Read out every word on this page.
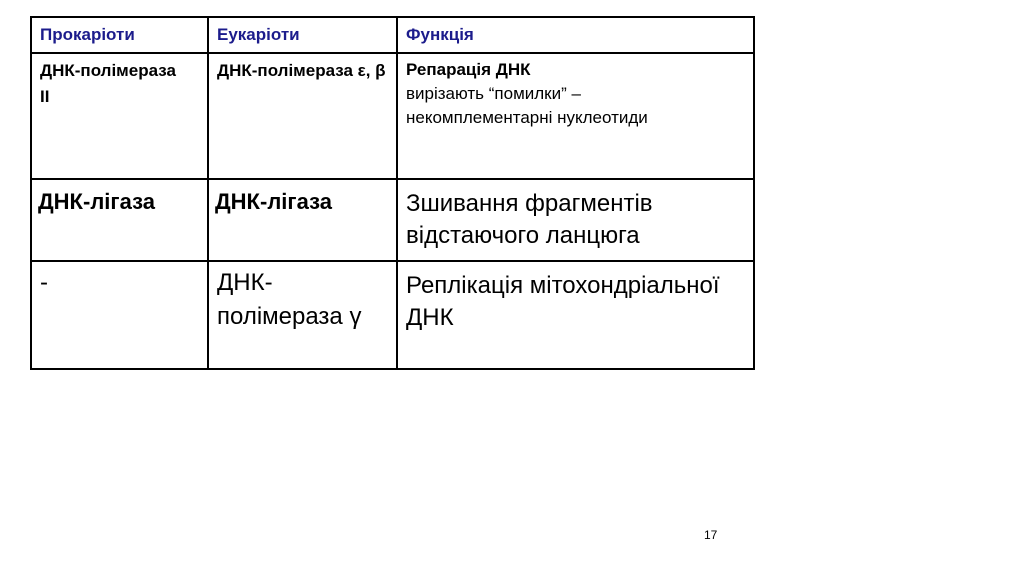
Прокаріоти	Еукаріоти	Функція

ДНК-полімераза ІІ	ДНК-полімераза ε, β	Репарація ДНК
вирізають “помилки” – некомплементарні нуклеотиди

ДНК-лігаза	ДНК-лігаза	Зшивання фрагментів відстаючого ланцюга

-	ДНК-полімераза γ	Реплікація мітохондріальної ДНК
17
